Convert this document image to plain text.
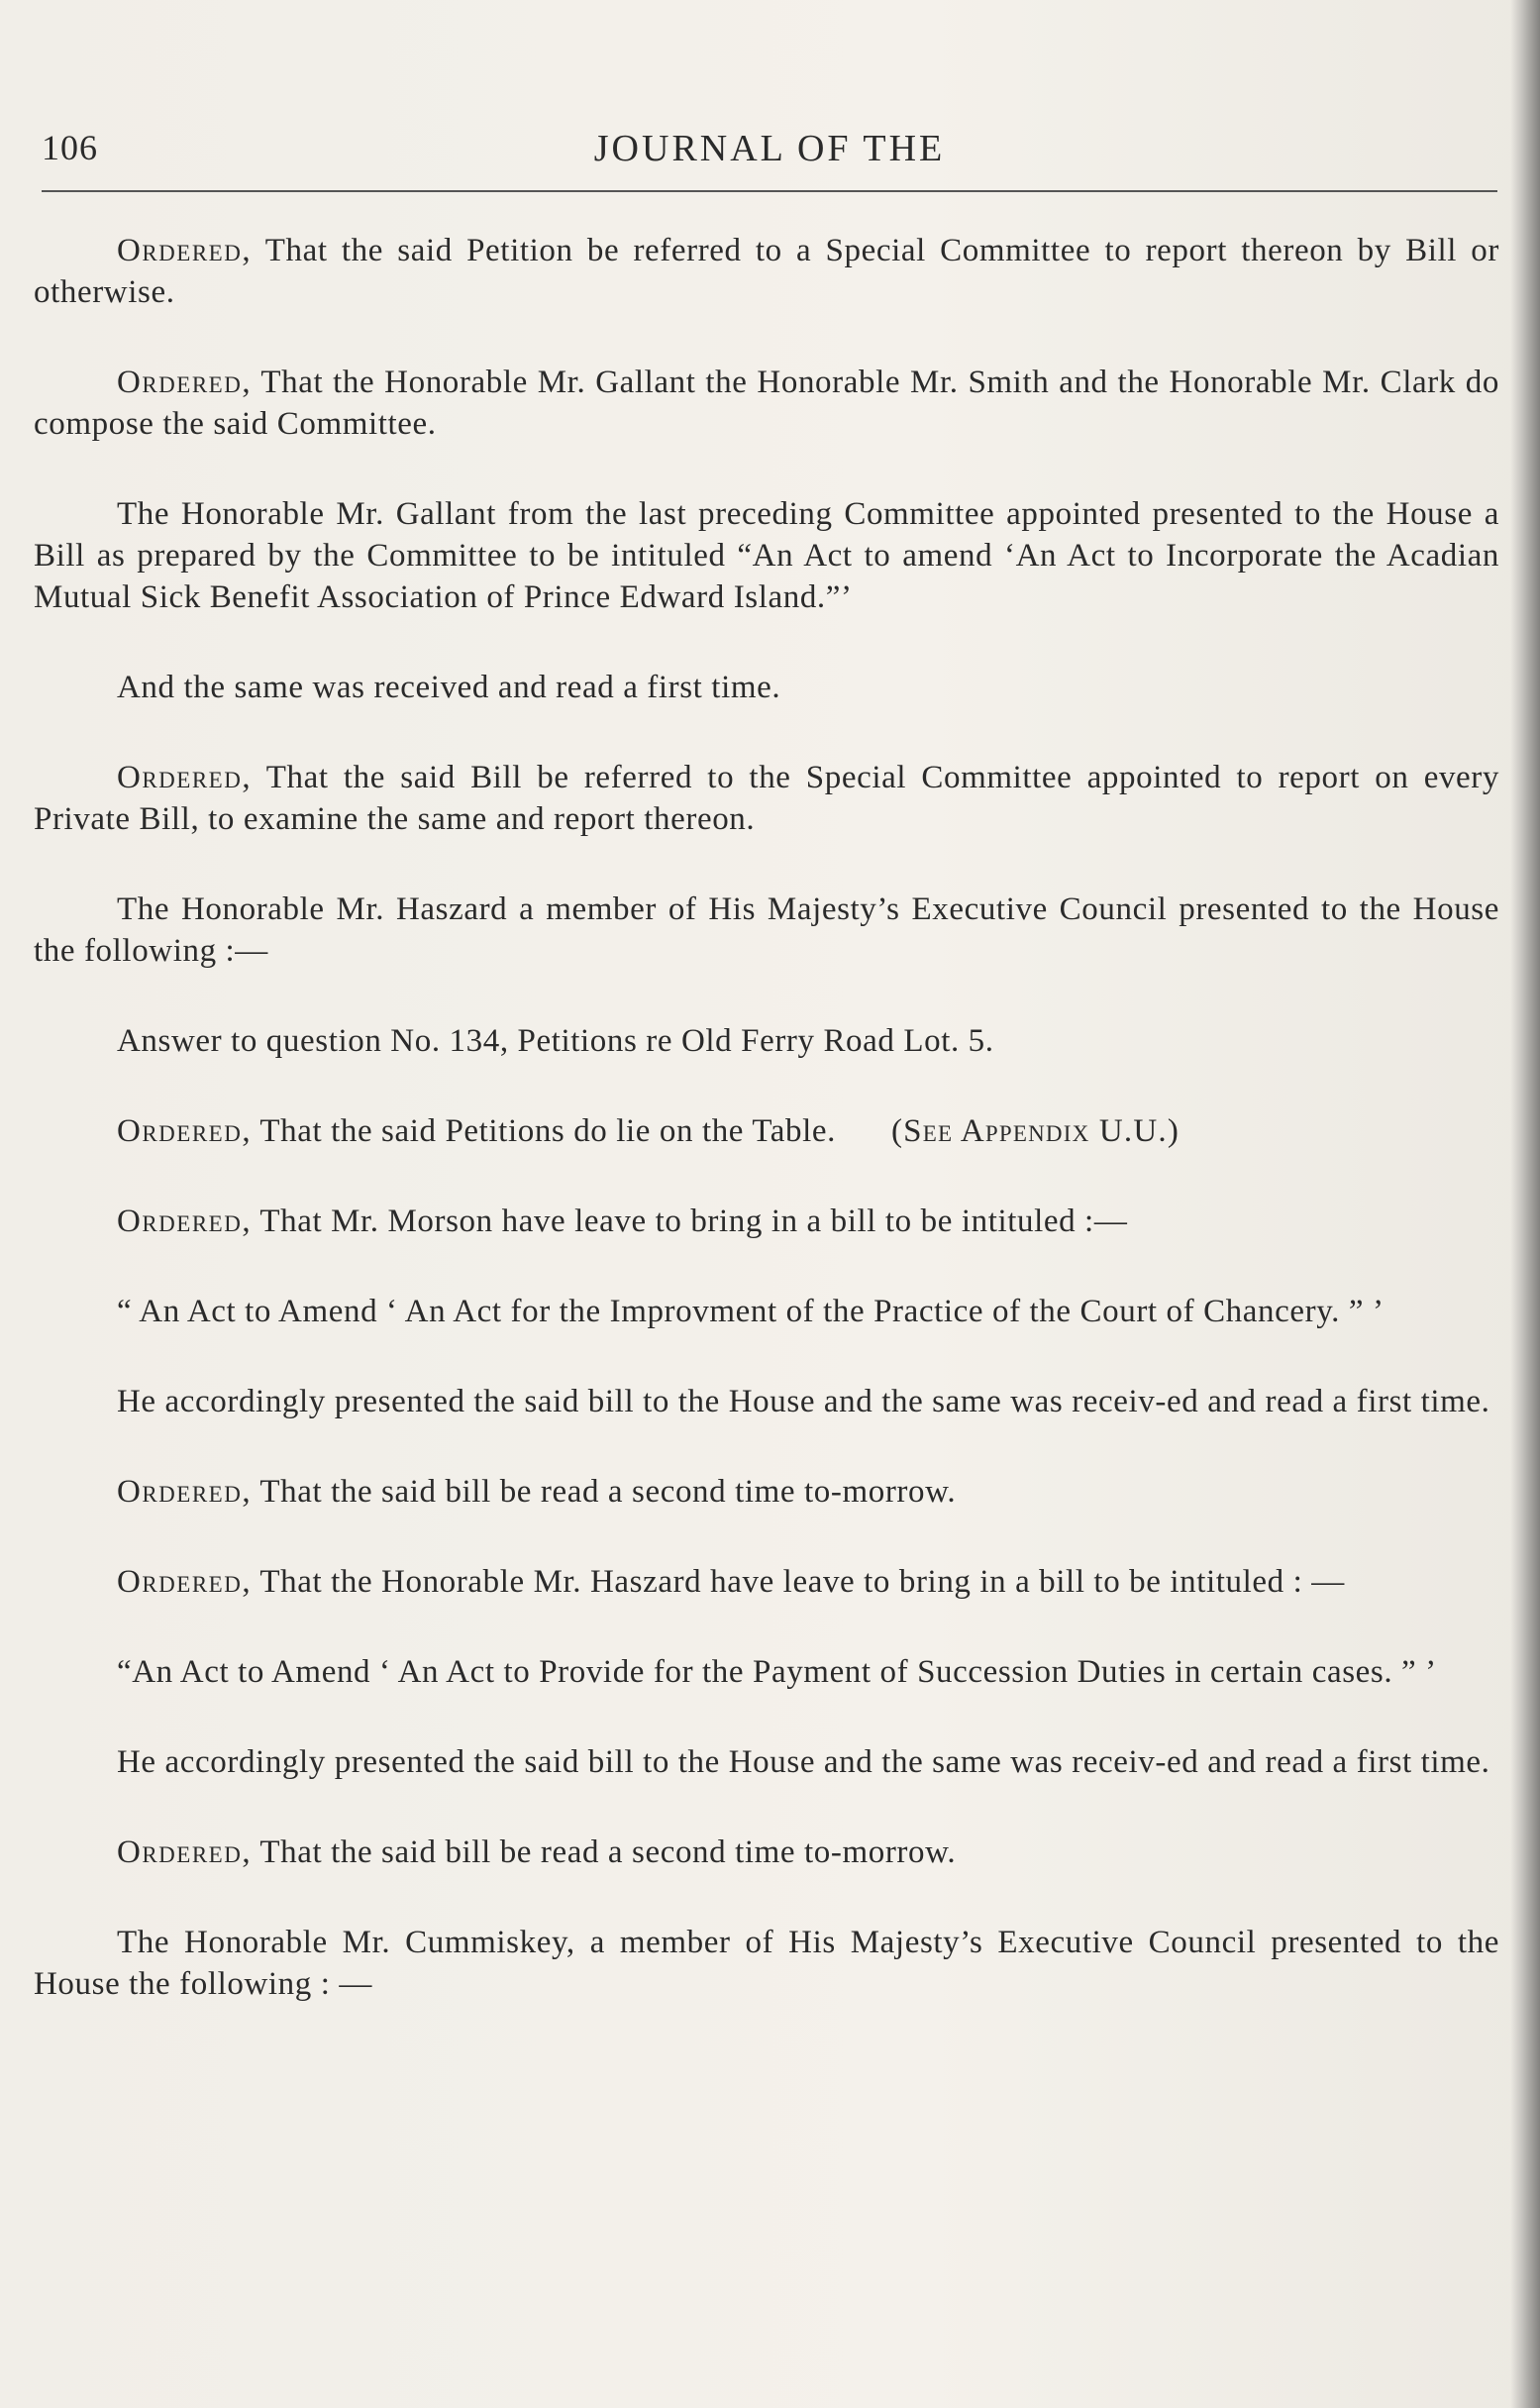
106	JOURNAL OF THE

Ordered, That the said Petition be referred to a Special Committee to report thereon by Bill or otherwise.

Ordered, That the Honorable Mr. Gallant the Honorable Mr. Smith and the Honorable Mr. Clark do compose the said Committee.

The Honorable Mr. Gallant from the last preceding Committee appointed presented to the House a Bill as prepared by the Committee to be intituled “An Act to amend ‘An Act to Incorporate the Acadian Mutual Sick Benefit Association of Prince Edward Island.”’

And the same was received and read a first time.

Ordered, That the said Bill be referred to the Special Committee appointed to report on every Private Bill, to examine the same and report thereon.

The Honorable Mr. Haszard a member of His Majesty’s Executive Council presented to the House the following :—

Answer to question No. 134, Petitions re Old Ferry Road Lot. 5.

Ordered, That the said Petitions do lie on the Table. (See Appendix U.U.)

Ordered, That Mr. Morson have leave to bring in a bill to be intituled :—

“ An Act to Amend ‘ An Act for the Improvment of the Practice of the Court of Chancery. ” ’

He accordingly presented the said bill to the House and the same was receiv-ed and read a first time.

Ordered, That the said bill be read a second time to-morrow.

Ordered, That the Honorable Mr. Haszard have leave to bring in a bill to be intituled : —

“An Act to Amend ‘ An Act to Provide for the Payment of Succession Duties in certain cases. ” ’

He accordingly presented the said bill to the House and the same was receiv-ed and read a first time.

Ordered, That the said bill be read a second time to-morrow.

The Honorable Mr. Cummiskey, a member of His Majesty’s Executive Council presented to the House the following : —
